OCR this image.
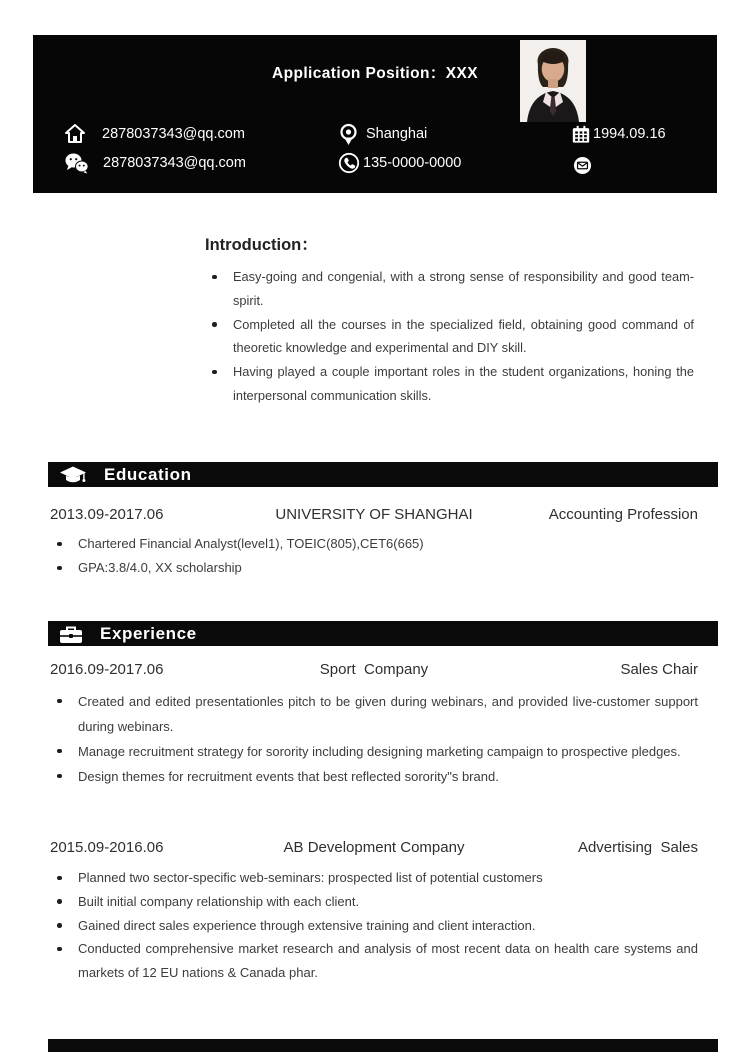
Application Position：XXX
2878037343@qq.com
2878037343@qq.com
Shanghai
135-0000-0000
1994.09.16
Introduction：
Easy-going and congenial, with a strong sense of responsibility and good team-spirit.
Completed all the courses in the specialized field, obtaining good command of theoretic knowledge and experimental and DIY skill.
Having played a couple important roles in the student organizations, honing the interpersonal communication skills.
Education
2013.09-2017.06	UNIVERSITY OF SHANGHAI	Accounting Profession
Chartered Financial Analyst(level1), TOEIC(805),CET6(665)
GPA:3.8/4.0, XX scholarship
Experience
2016.09-2017.06	Sport  Company	Sales Chair
Created and edited presentationles pitch to be given during webinars, and provided live-customer support during webinars.
Manage recruitment strategy for sorority including designing marketing campaign to prospective pledges.
Design themes for recruitment events that best reflected sorority"s brand.
2015.09-2016.06	AB Development Company	Advertising  Sales
Planned two sector-specific web-seminars: prospected list of potential customers
Built initial company relationship with each client.
Gained direct sales experience through extensive training and client interaction.
Conducted comprehensive market research and analysis of most recent data on health care systems and markets of 12 EU nations & Canada phar.
